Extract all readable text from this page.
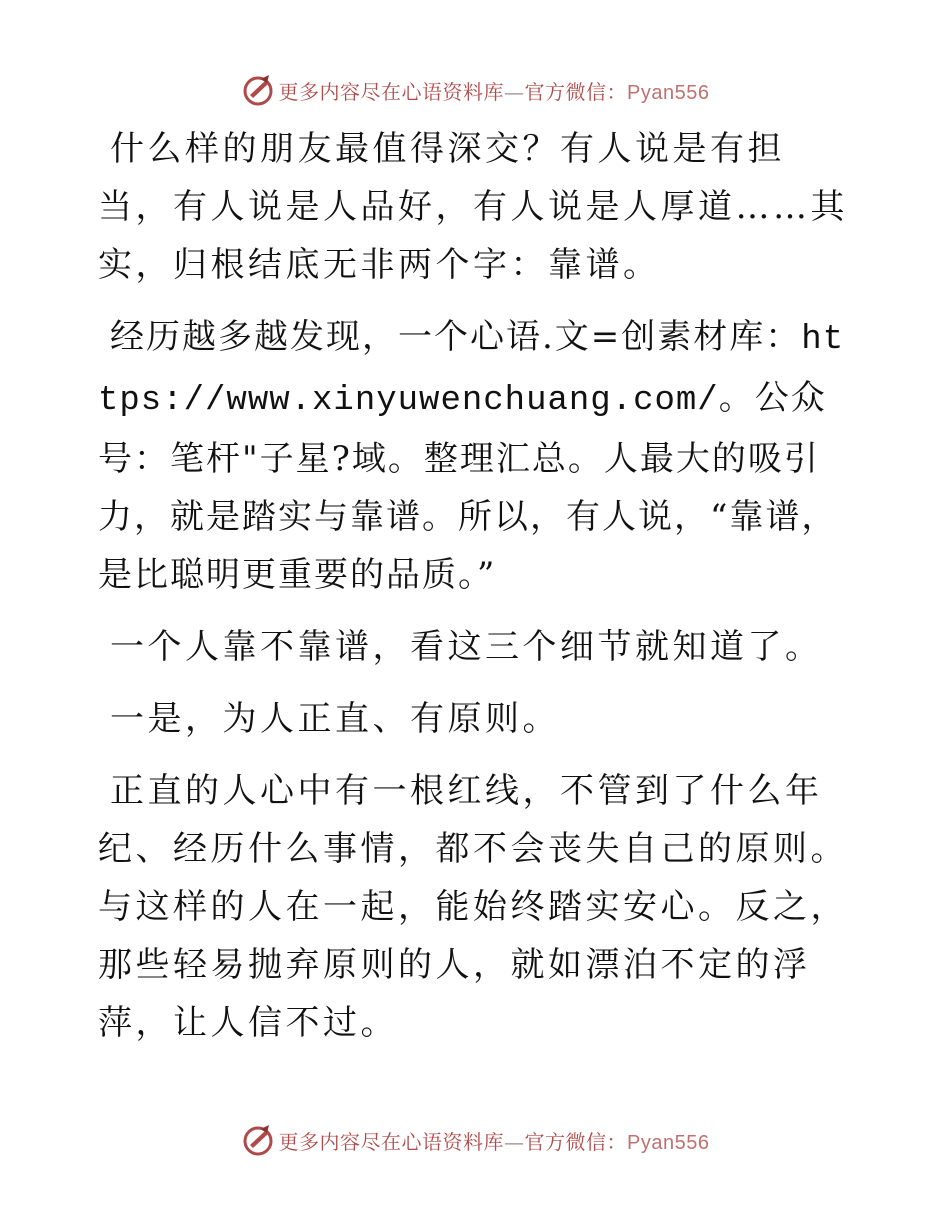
更多内容尽在心语资料库—官方微信：Pyan556

什么样的朋友最值得深交？有人说是有担当，有人说是人品好，有人说是人厚道……其实，归根结底无非两个字：靠谱。

经历越多越发现，一个心语.文=创素材库：https://www.xinyuwenchuang.com/。公众号：笔杆"子星?域。整理汇总。人最大的吸引力，就是踏实与靠谱。所以，有人说，“靠谱，是比聪明更重要的品质。”

一个人靠不靠谱，看这三个细节就知道了。

一是，为人正直、有原则。

正直的人心中有一根红线，不管到了什么年纪、经历什么事情，都不会丧失自己的原则。与这样的人在一起，能始终踏实安心。反之，那些轻易抛弃原则的人，就如漂泊不定的浮萍，让人信不过。

更多内容尽在心语资料库—官方微信：Pyan556
